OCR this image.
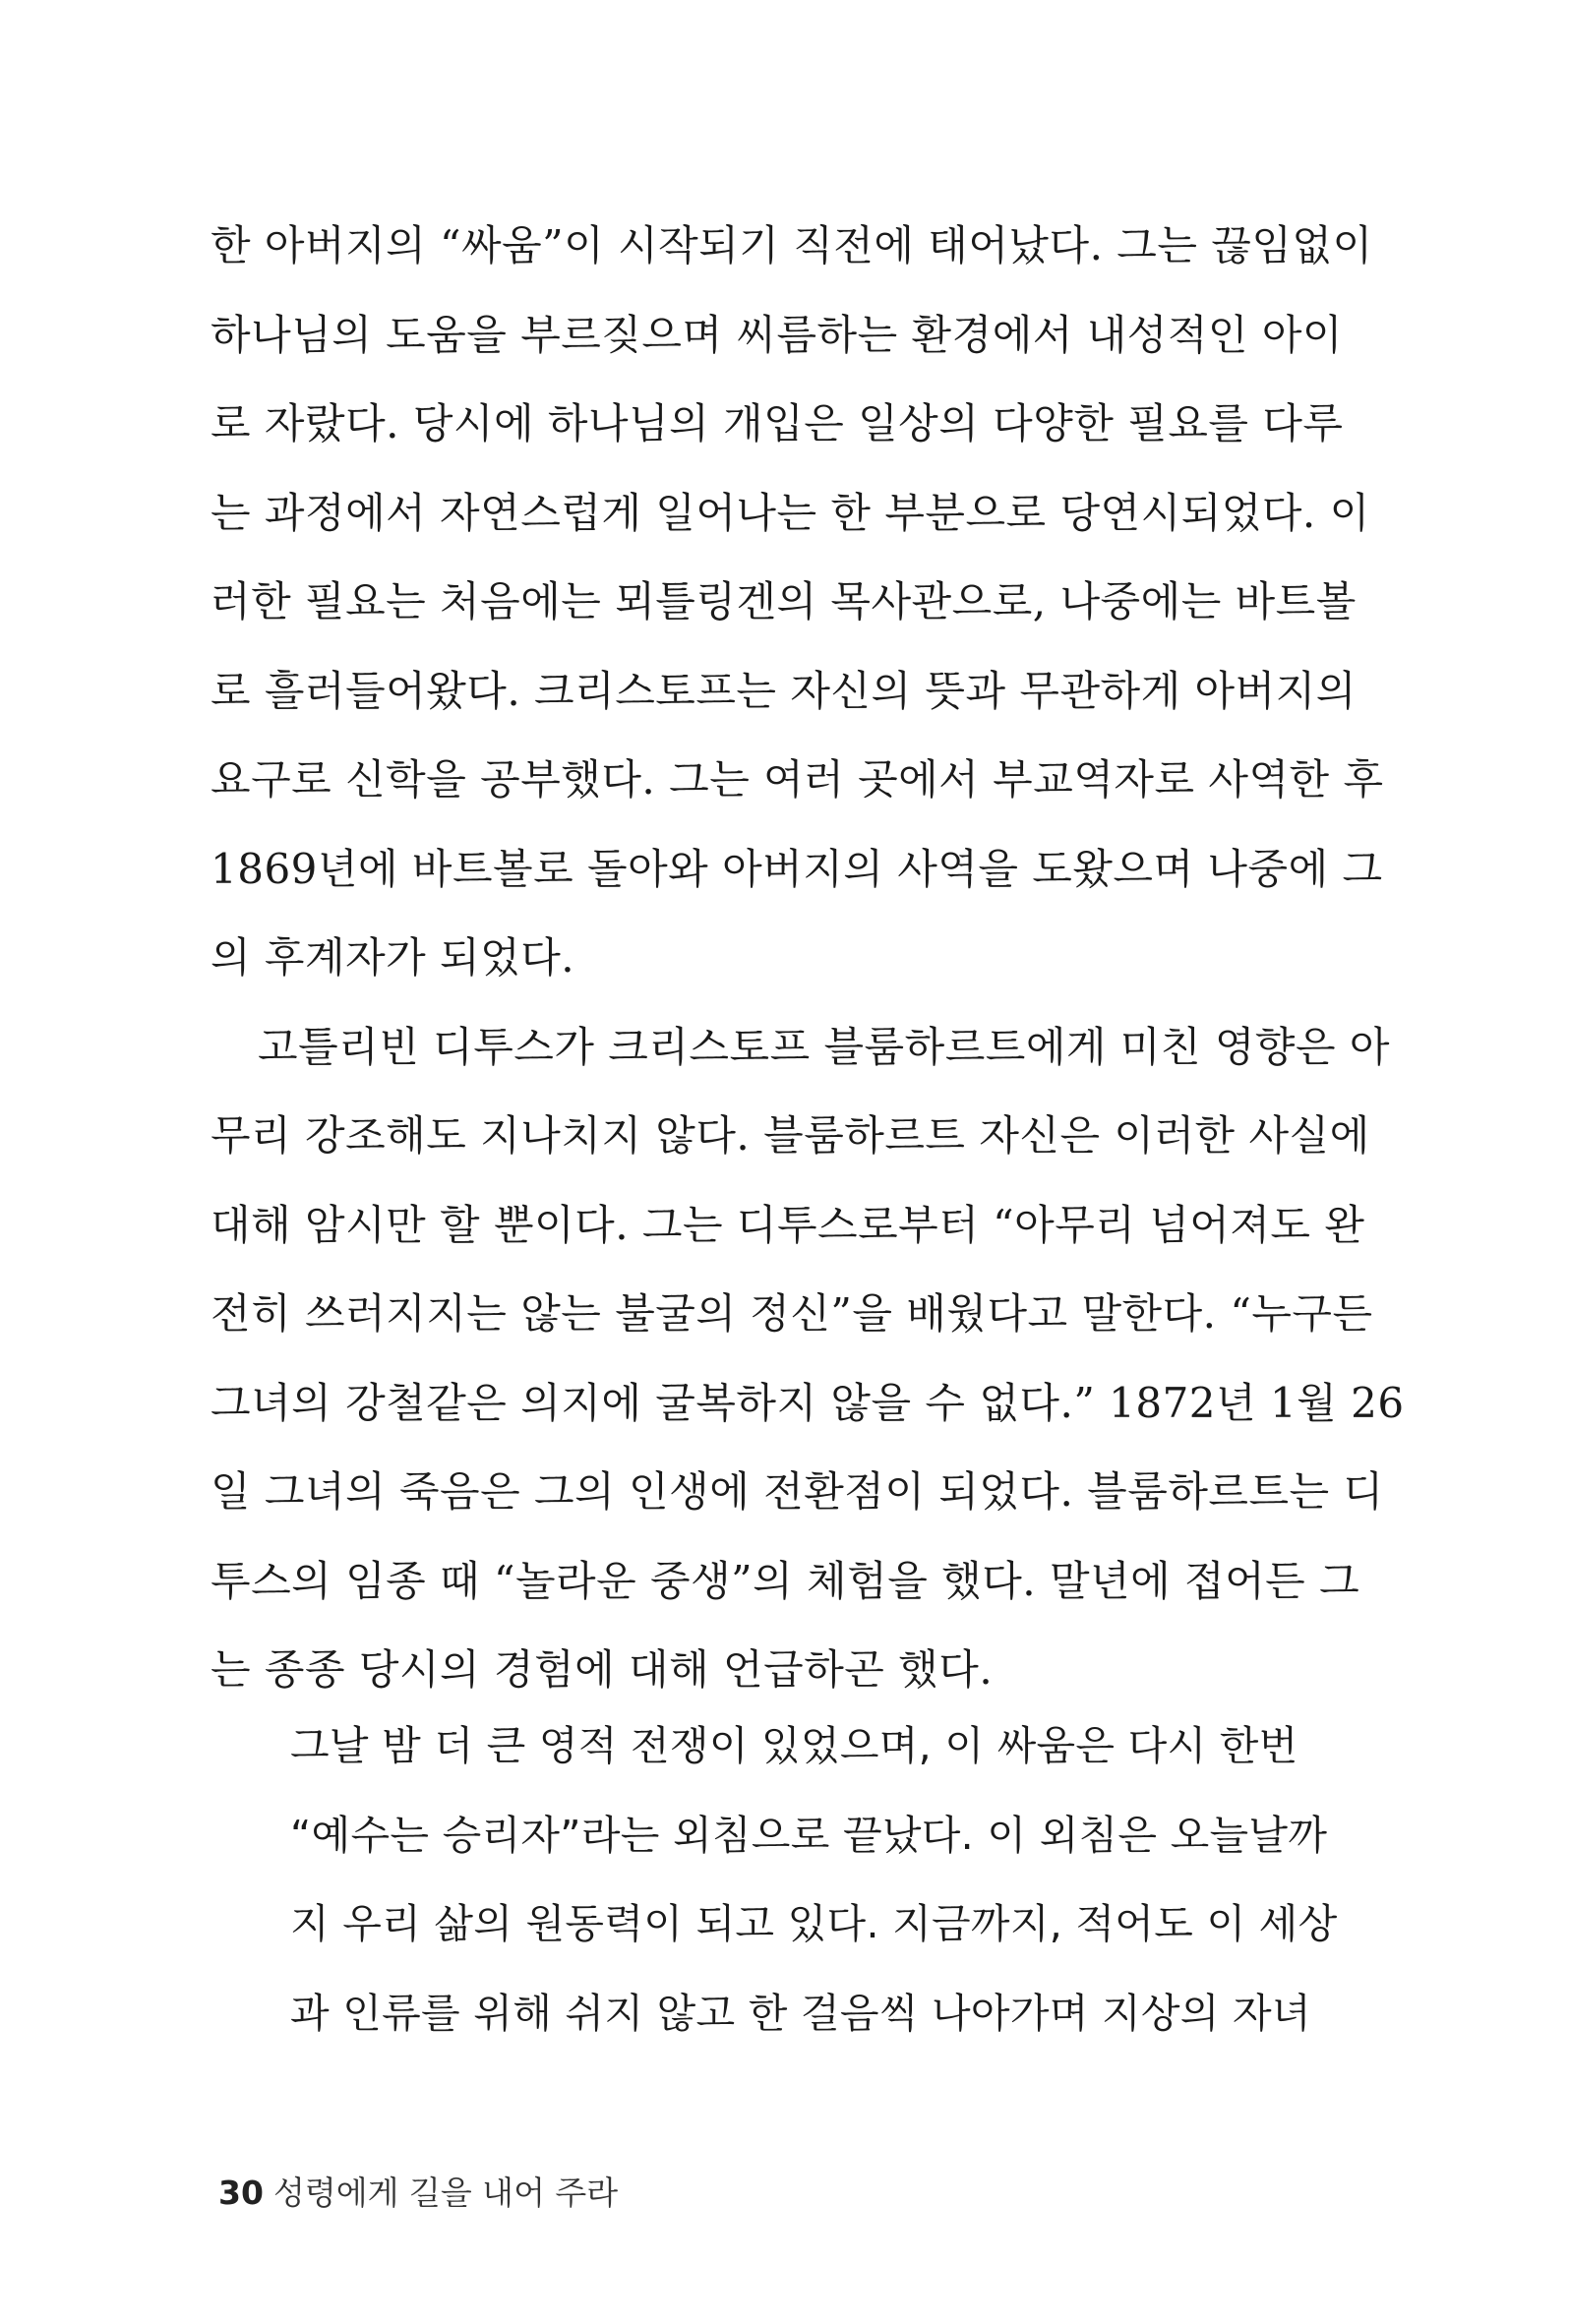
한 아버지의 “싸움”이 시작되기 직전에 태어났다. 그는 끊임없이
하나님의 도움을 부르짖으며 씨름하는 환경에서 내성적인 아이
로 자랐다. 당시에 하나님의 개입은 일상의 다양한 필요를 다루
는 과정에서 자연스럽게 일어나는 한 부분으로 당연시되었다. 이
러한 필요는 처음에는 뫼틀링겐의 목사관으로, 나중에는 바트볼
로 흘러들어왔다. 크리스토프는 자신의 뜻과 무관하게 아버지의
요구로 신학을 공부했다. 그는 여러 곳에서 부교역자로 사역한 후
1869년에 바트볼로 돌아와 아버지의 사역을 도왔으며 나중에 그
의 후계자가 되었다.
고틀리빈 디투스가 크리스토프 블룸하르트에게 미친 영향은 아
무리 강조해도 지나치지 않다. 블룸하르트 자신은 이러한 사실에
대해 암시만 할 뿐이다. 그는 디투스로부터 “아무리 넘어져도 완
전히 쓰러지지는 않는 불굴의 정신”을 배웠다고 말한다. “누구든
그녀의 강철같은 의지에 굴복하지 않을 수 없다.” 1872년 1월 26
일 그녀의 죽음은 그의 인생에 전환점이 되었다. 블룸하르트는 디
투스의 임종 때 “놀라운 중생”의 체험을 했다. 말년에 접어든 그
는 종종 당시의 경험에 대해 언급하곤 했다.
그날 밤 더 큰 영적 전쟁이 있었으며, 이 싸움은 다시 한번
“예수는 승리자”라는 외침으로 끝났다. 이 외침은 오늘날까
지 우리 삶의 원동력이 되고 있다. 지금까지, 적어도 이 세상
과 인류를 위해 쉬지 않고 한 걸음씩 나아가며 지상의 자녀
30 성령에게 길을 내어 주라
